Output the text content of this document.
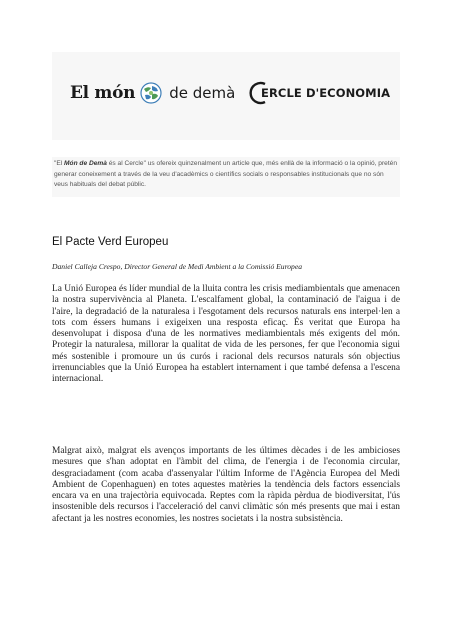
El món de demà ERCLE D'ECONOMIA
"El Món de Demà és al Cercle" us ofereix quinzenalment un article que, més enllà de la informació o la opinió, pretén generar coneixement a través de la veu d'acadèmics o científics socials o responsables institucionals que no són veus habituals del debat públic.
El Pacte Verd Europeu
Daniel Calleja Crespo, Director General de Medi Ambient a la Comissió Europea

La Unió Europea és líder mundial de la lluita contra les crisis mediambientals que amenacen la nostra supervivència al Planeta. L'escalfament global, la contaminació de l'aigua i de l'aire, la degradació de la naturalesa i l'esgotament dels recursos naturals ens interpel·len a tots com éssers humans i exigeixen una resposta eficaç. És veritat que Europa ha desenvolupat i disposa d'una de les normatives mediambientals més exigents del món. Protegir la naturalesa, millorar la qualitat de vida de les persones, fer que l'economia sigui més sostenible i promoure un ús curós i racional dels recursos naturals són objectius irrenunciables que la Unió Europea ha establert internament i que també defensa a l'escena internacional.

Malgrat això, malgrat els avenços importants de les últimes dècades i de les ambicioses mesures que s'han adoptat en l'àmbit del clima, de l'energia i de l'economia circular, desgraciadament (com acaba d'assenyalar l'últim Informe de l'Agència Europea del Medi Ambient de Copenhaguen) en totes aquestes matèries la tendència dels factors essencials encara va en una trajectòria equivocada. Reptes com la ràpida pèrdua de biodiversitat, l'ús insostenible dels recursos i l'acceleració del canvi climàtic són més presents que mai i estan afectant ja les nostres economies, les nostres societats i la nostra subsistència.
